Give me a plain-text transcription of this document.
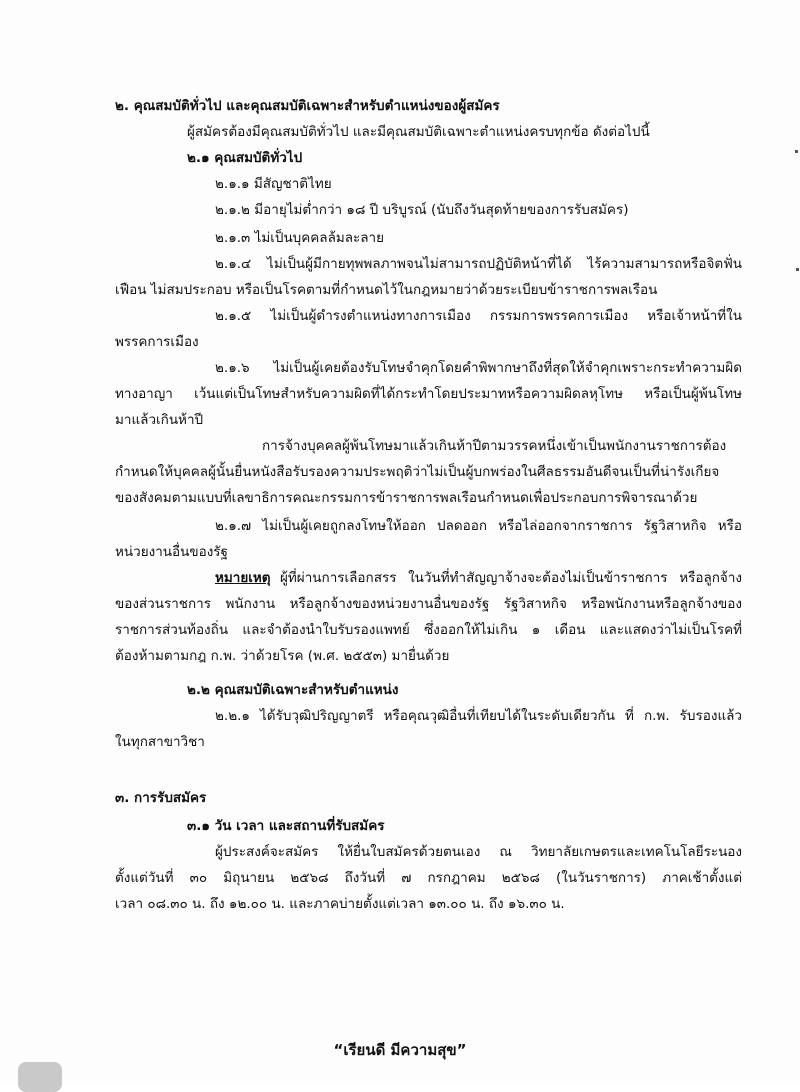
๒. คุณสมบัติทั่วไป และคุณสมบัติเฉพาะสำหรับตำแหน่งของผู้สมัคร
ผู้สมัครต้องมีคุณสมบัติทั่วไป และมีคุณสมบัติเฉพาะตำแหน่งครบทุกข้อ ดังต่อไปนี้
๒.๑ คุณสมบัติทั่วไป
๒.๑.๑ มีสัญชาติไทย
๒.๑.๒ มีอายุไม่ต่ำกว่า ๑๘ ปี บริบูรณ์ (นับถึงวันสุดท้ายของการรับสมัคร)
๒.๑.๓ ไม่เป็นบุคคลล้มละลาย
๒.๑.๔ ไม่เป็นผู้มีกายทุพพลภาพจนไม่สามารถปฏิบัติหน้าที่ได้ ไร้ความสามารถหรือจิตฟั่น
เฟือน ไม่สมประกอบ หรือเป็นโรคตามที่กำหนดไว้ในกฎหมายว่าด้วยระเบียบข้าราชการพลเรือน
๒.๑.๕ ไม่เป็นผู้ดำรงตำแหน่งทางการเมือง กรรมการพรรคการเมือง หรือเจ้าหน้าที่ใน
พรรคการเมือง
๒.๑.๖ ไม่เป็นผู้เคยต้องรับโทษจำคุกโดยคำพิพากษาถึงที่สุดให้จำคุกเพราะกระทำความผิด
ทางอาญา เว้นแต่เป็นโทษสำหรับความผิดที่ได้กระทำโดยประมาทหรือความผิดลหุโทษ หรือเป็นผู้พ้นโทษ
มาแล้วเกินห้าปี
การจ้างบุคคลผู้พ้นโทษมาแล้วเกินห้าปีตามวรรคหนึ่งเข้าเป็นพนักงานราชการต้อง
กำหนดให้บุคคลผู้นั้นยื่นหนังสือรับรองความประพฤติว่าไม่เป็นผู้บกพร่องในศีลธรรมอันดีจนเป็นที่น่ารังเกียจ
ของสังคมตามแบบที่เลขาธิการคณะกรรมการข้าราชการพลเรือนกำหนดเพื่อประกอบการพิจารณาด้วย
๒.๑.๗ ไม่เป็นผู้เคยถูกลงโทษให้ออก ปลดออก หรือไล่ออกจากราชการ รัฐวิสาหกิจ หรือ
หน่วยงานอื่นของรัฐ
หมายเหตุ ผู้ที่ผ่านการเลือกสรร ในวันที่ทำสัญญาจ้างจะต้องไม่เป็นข้าราชการ หรือลูกจ้าง
ของส่วนราชการ พนักงาน หรือลูกจ้างของหน่วยงานอื่นของรัฐ รัฐวิสาหกิจ หรือพนักงานหรือลูกจ้างของ
ราชการส่วนท้องถิ่น และจำต้องนำใบรับรองแพทย์ ซึ่งออกให้ไม่เกิน ๑ เดือน และแสดงว่าไม่เป็นโรคที่
ต้องห้ามตามกฎ ก.พ. ว่าด้วยโรค (พ.ศ. ๒๕๕๓) มายื่นด้วย
๒.๒ คุณสมบัติเฉพาะสำหรับตำแหน่ง
๒.๒.๑ ได้รับวุฒิปริญญาตรี หรือคุณวุฒิอื่นที่เทียบได้ในระดับเดียวกัน ที่ ก.พ. รับรองแล้ว
ในทุกสาขาวิชา
๓. การรับสมัคร
๓.๑ วัน เวลา และสถานที่รับสมัคร
ผู้ประสงค์จะสมัคร ให้ยื่นใบสมัครด้วยตนเอง ณ วิทยาลัยเกษตรและเทคโนโลยีระนอง
ตั้งแต่วันที่ ๓๐ มิถุนายน ๒๕๖๘ ถึงวันที่ ๗ กรกฎาคม ๒๕๖๘ (ในวันราชการ) ภาคเช้าตั้งแต่
เวลา ๐๘.๓๐ น. ถึง ๑๒.๐๐ น. และภาคบ่ายตั้งแต่เวลา ๑๓.๐๐ น. ถึง ๑๖.๓๐ น.
“เรียนดี มีความสุข”
